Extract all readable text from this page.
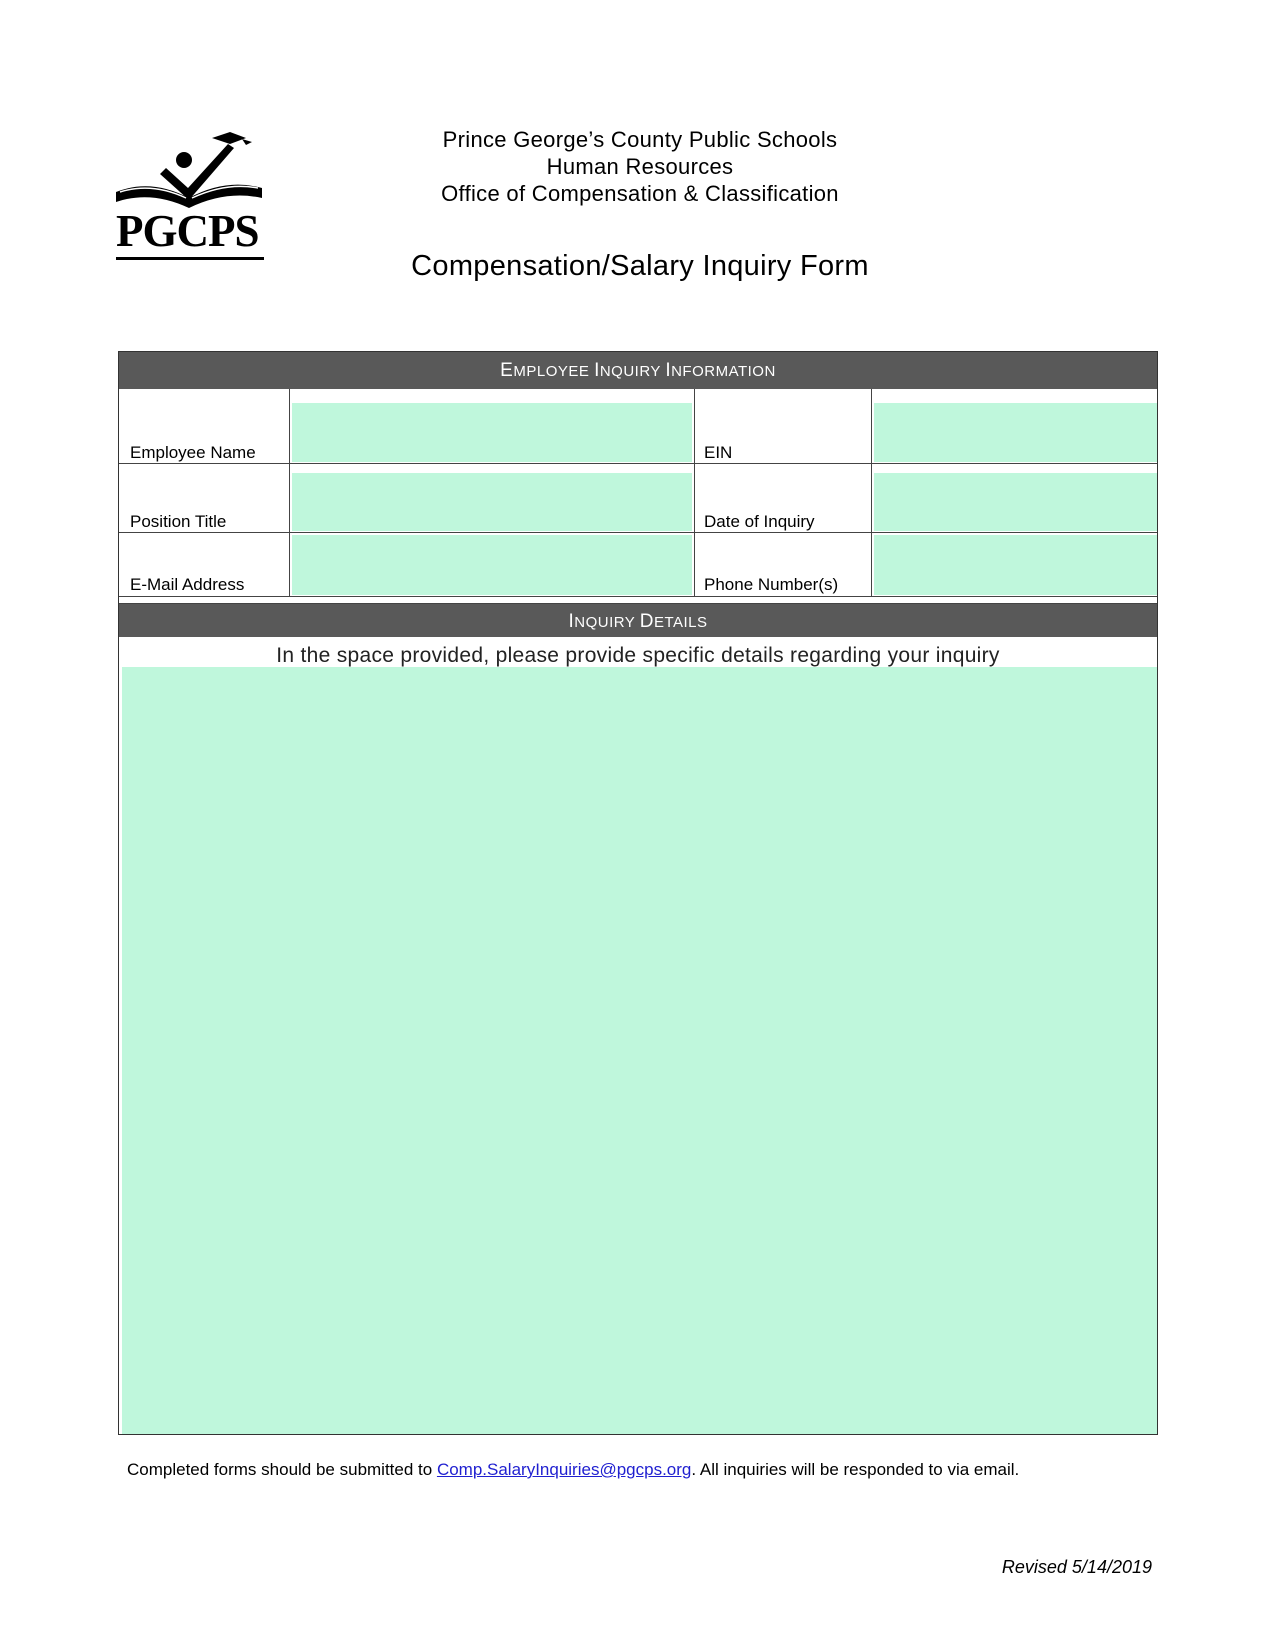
PGCPS
Prince George’s County Public Schools
Human Resources
Office of Compensation & Classification
Compensation/Salary Inquiry Form
EMPLOYEE INQUIRY INFORMATION
Employee Name	EIN
Position Title	Date of Inquiry
E-Mail Address	Phone Number(s)
INQUIRY DETAILS
In the space provided, please provide specific details regarding your inquiry
Completed forms should be submitted to Comp.SalaryInquiries@pgcps.org. All inquiries will be responded to via email.
Revised 5/14/2019
